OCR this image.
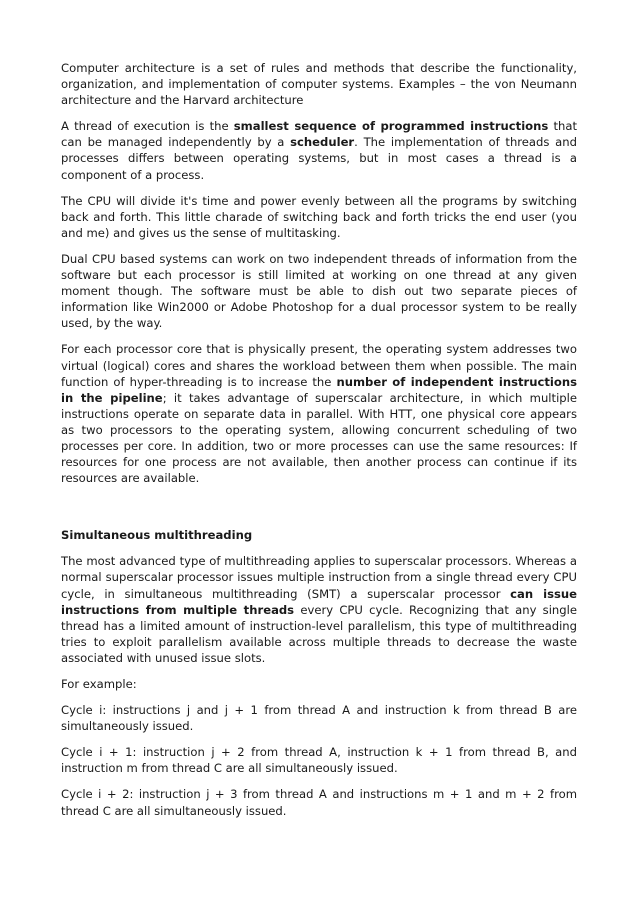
Computer architecture is a set of rules and methods that describe the functionality, organization, and implementation of computer systems. Examples – the von Neumann architecture and the Harvard architecture

A thread of execution is the smallest sequence of programmed instructions that can be managed independently by a scheduler. The implementation of threads and processes differs between operating systems, but in most cases a thread is a component of a process.

The CPU will divide it's time and power evenly between all the programs by switching back and forth. This little charade of switching back and forth tricks the end user (you and me) and gives us the sense of multitasking.

Dual CPU based systems can work on two independent threads of information from the software but each processor is still limited at working on one thread at any given moment though. The software must be able to dish out two separate pieces of information like Win2000 or Adobe Photoshop for a dual processor system to be really used, by the way.

For each processor core that is physically present, the operating system addresses two virtual (logical) cores and shares the workload between them when possible. The main function of hyper-threading is to increase the number of independent instructions in the pipeline; it takes advantage of superscalar architecture, in which multiple instructions operate on separate data in parallel. With HTT, one physical core appears as two processors to the operating system, allowing concurrent scheduling of two processes per core. In addition, two or more processes can use the same resources: If resources for one process are not available, then another process can continue if its resources are available.

Simultaneous multithreading

The most advanced type of multithreading applies to superscalar processors. Whereas a normal superscalar processor issues multiple instruction from a single thread every CPU cycle, in simultaneous multithreading (SMT) a superscalar processor can issue instructions from multiple threads every CPU cycle. Recognizing that any single thread has a limited amount of instruction-level parallelism, this type of multithreading tries to exploit parallelism available across multiple threads to decrease the waste associated with unused issue slots.

For example:

Cycle i: instructions j and j + 1 from thread A and instruction k from thread B are simultaneously issued.

Cycle i + 1: instruction j + 2 from thread A, instruction k + 1 from thread B, and instruction m from thread C are all simultaneously issued.

Cycle i + 2: instruction j + 3 from thread A and instructions m + 1 and m + 2 from thread C are all simultaneously issued.
